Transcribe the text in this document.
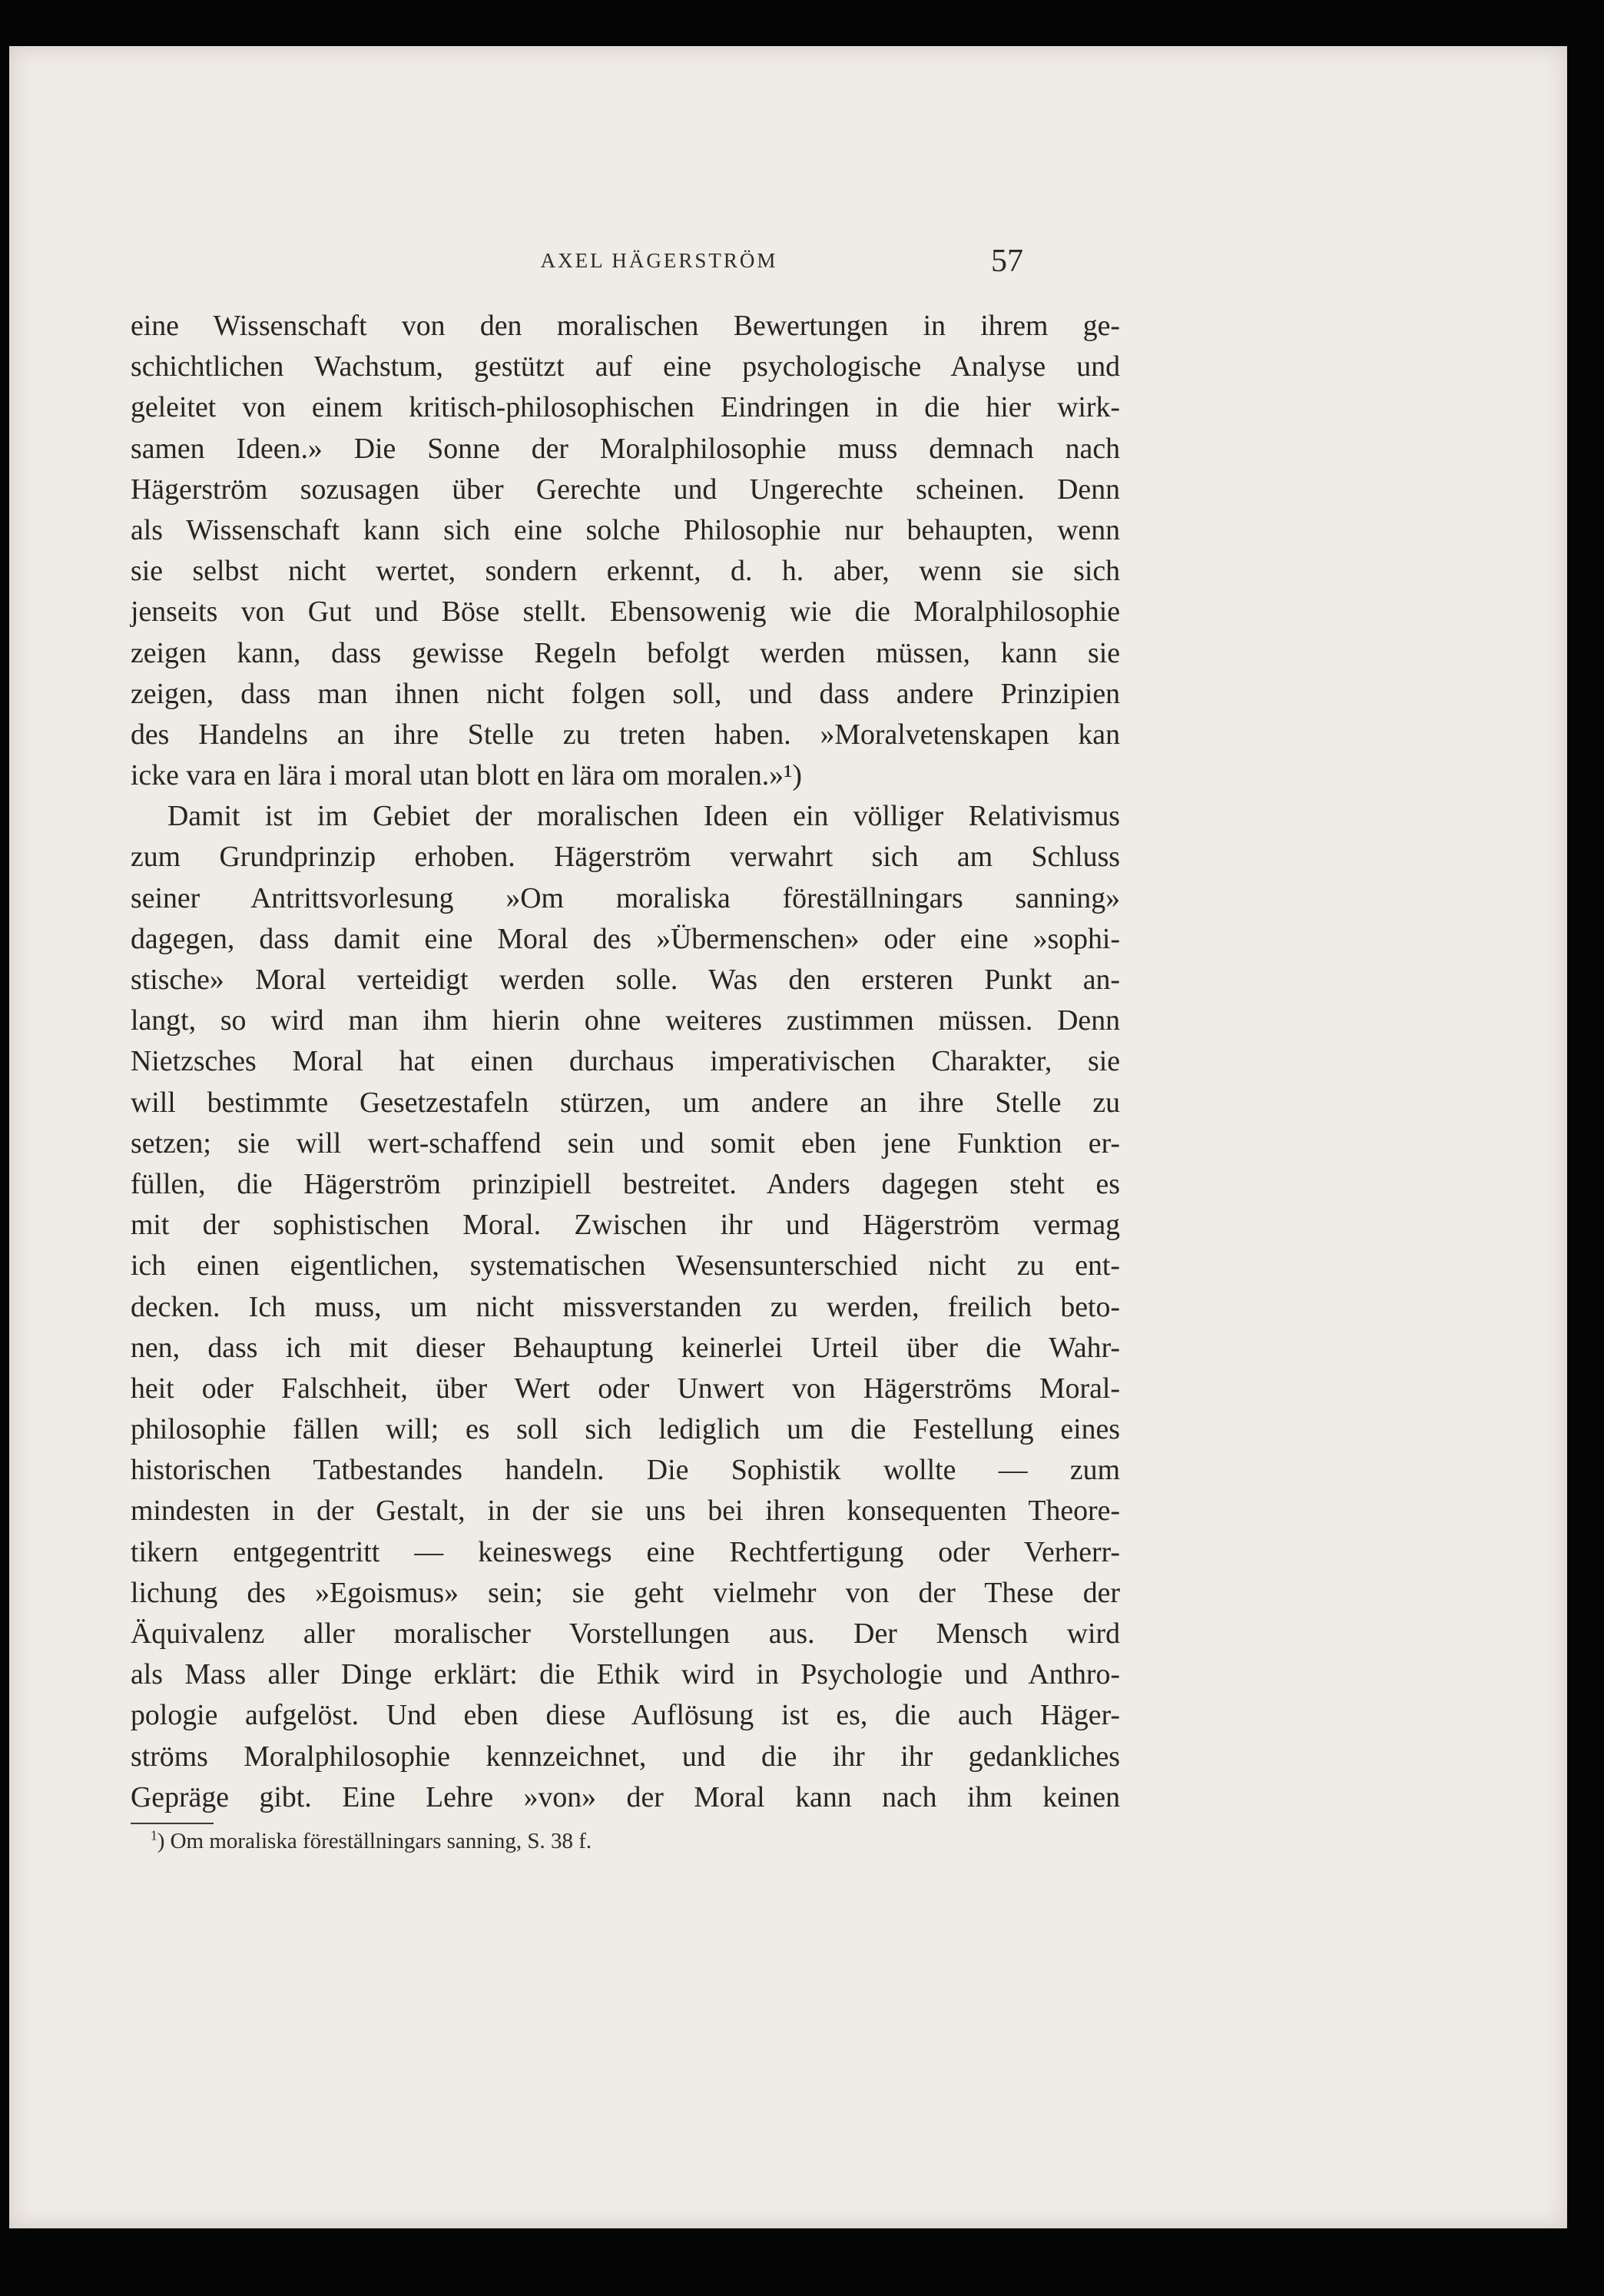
AXEL HÄGERSTRÖM	57
eine Wissenschaft von den moralischen Bewertungen in ihrem ge-
schichtlichen Wachstum, gestützt auf eine psychologische Analyse und
geleitet von einem kritisch-philosophischen Eindringen in die hier wirk-
samen Ideen.» Die Sonne der Moralphilosophie muss demnach nach
Hägerström sozusagen über Gerechte und Ungerechte scheinen. Denn
als Wissenschaft kann sich eine solche Philosophie nur behaupten, wenn
sie selbst nicht wertet, sondern erkennt, d. h. aber, wenn sie sich
jenseits von Gut und Böse stellt. Ebensowenig wie die Moralphilosophie
zeigen kann, dass gewisse Regeln befolgt werden müssen, kann sie
zeigen, dass man ihnen nicht folgen soll, und dass andere Prinzipien
des Handelns an ihre Stelle zu treten haben. »Moralvetenskapen kan
icke vara en lära i moral utan blott en lära om moralen.»¹)
Damit ist im Gebiet der moralischen Ideen ein völliger Relativismus
zum Grundprinzip erhoben. Hägerström verwahrt sich am Schluss
seiner Antrittsvorlesung »Om moraliska föreställningars sanning»
dagegen, dass damit eine Moral des »Übermenschen» oder eine »sophi-
stische» Moral verteidigt werden solle. Was den ersteren Punkt an-
langt, so wird man ihm hierin ohne weiteres zustimmen müssen. Denn
Nietzsches Moral hat einen durchaus imperativischen Charakter, sie
will bestimmte Gesetzestafeln stürzen, um andere an ihre Stelle zu
setzen; sie will wert-schaffend sein und somit eben jene Funktion er-
füllen, die Hägerström prinzipiell bestreitet. Anders dagegen steht es
mit der sophistischen Moral. Zwischen ihr und Hägerström vermag
ich einen eigentlichen, systematischen Wesensunterschied nicht zu ent-
decken. Ich muss, um nicht missverstanden zu werden, freilich beto-
nen, dass ich mit dieser Behauptung keinerlei Urteil über die Wahr-
heit oder Falschheit, über Wert oder Unwert von Hägerströms Moral-
philosophie fällen will; es soll sich lediglich um die Festellung eines
historischen Tatbestandes handeln. Die Sophistik wollte — zum
mindesten in der Gestalt, in der sie uns bei ihren konsequenten Theore-
tikern entgegentritt — keineswegs eine Rechtfertigung oder Verherr-
lichung des »Egoismus» sein; sie geht vielmehr von der These der
Äquivalenz aller moralischer Vorstellungen aus. Der Mensch wird
als Mass aller Dinge erklärt: die Ethik wird in Psychologie und Anthro-
pologie aufgelöst. Und eben diese Auflösung ist es, die auch Häger-
ströms Moralphilosophie kennzeichnet, und die ihr ihr gedankliches
Gepräge gibt. Eine Lehre »von» der Moral kann nach ihm keinen
$^1$) Om moraliska föreställningars sanning, S. 38 f.
